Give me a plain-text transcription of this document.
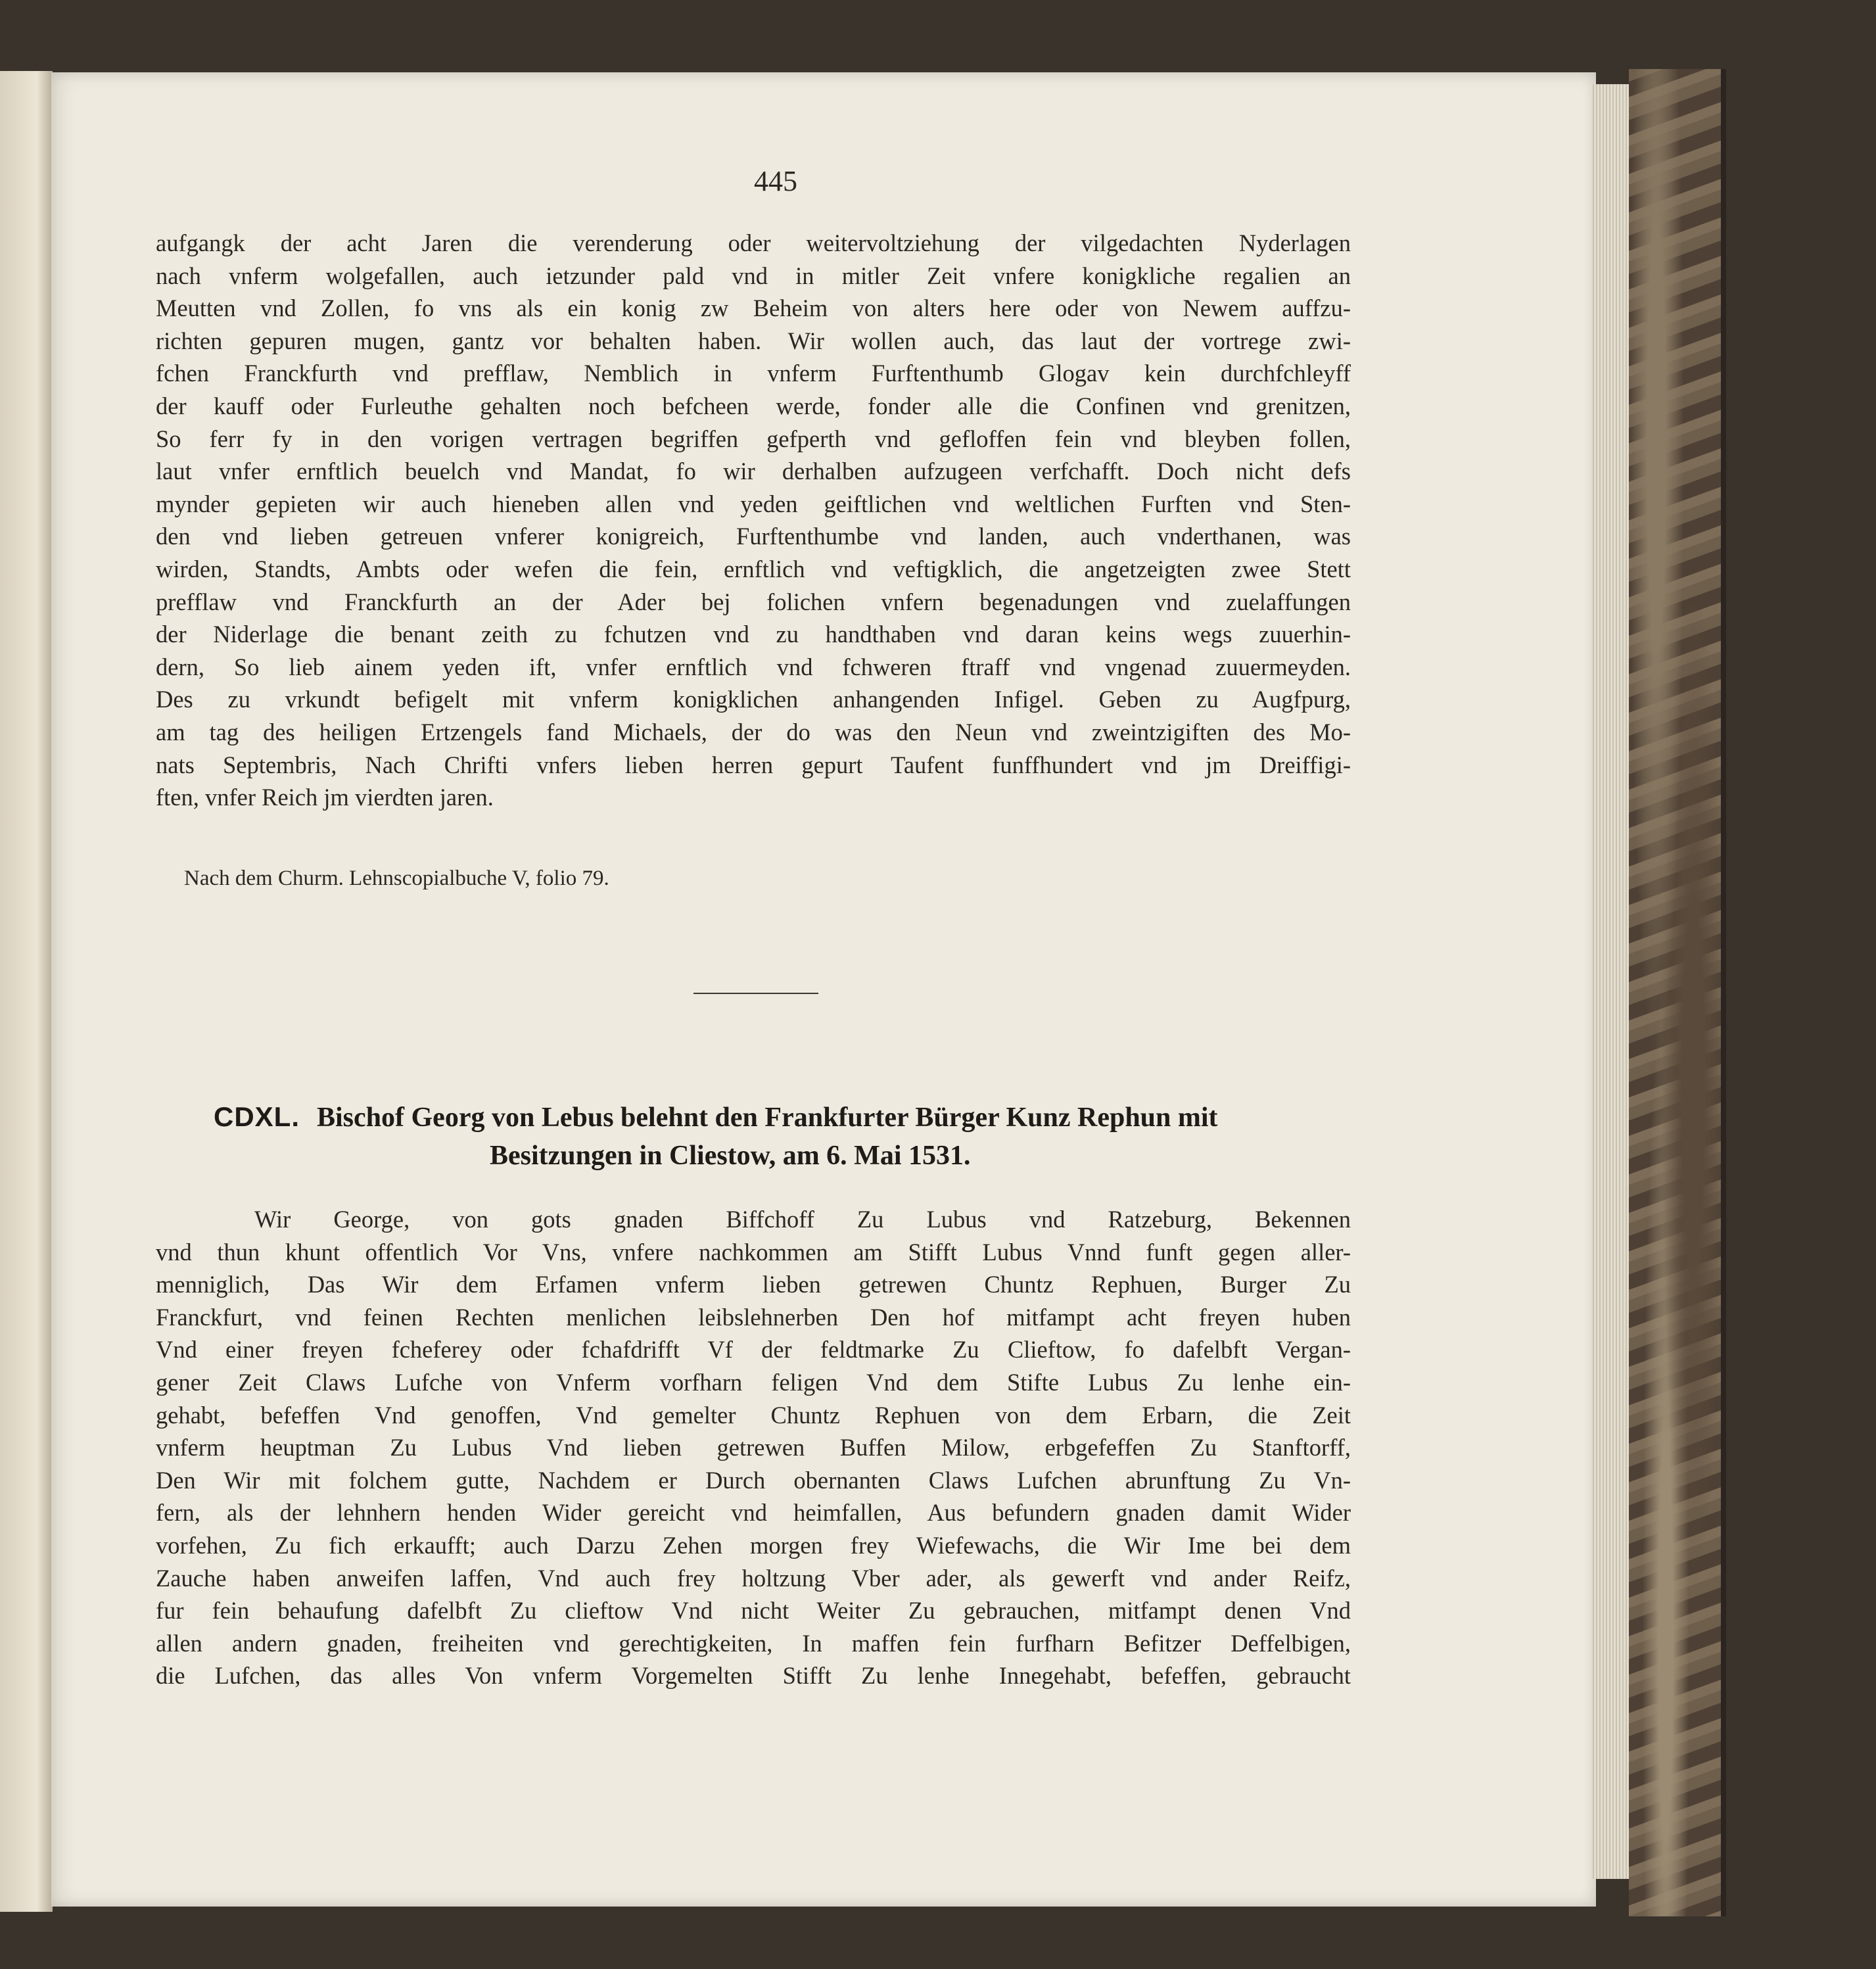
445

aufgangk der acht Jaren die verenderung oder weitervoltziehung der vilgedachten Nyderlagen
nach vnferm wolgefallen, auch ietzunder pald vnd in mitler Zeit vnfere konigkliche regalien an
Meutten vnd Zollen, fo vns als ein konig zw Beheim von alters here oder von Newem auffzu-
richten gepuren mugen, gantz vor behalten haben. Wir wollen auch, das laut der vortrege zwi-
fchen Franckfurth vnd prefflaw, Nemblich in vnferm Furftenthumb Glogav kein durchfchleyff
der kauff oder Furleuthe gehalten noch befcheen werde, fonder alle die Confinen vnd grenitzen,
So ferr fy in den vorigen vertragen begriffen gefperth vnd gefloffen fein vnd bleyben follen,
laut vnfer ernftlich beuelch vnd Mandat, fo wir derhalben aufzugeen verfchafft. Doch nicht defs
mynder gepieten wir auch hieneben allen vnd yeden geiftlichen vnd weltlichen Furften vnd Sten-
den vnd lieben getreuen vnferer konigreich, Furftenthumbe vnd landen, auch vnderthanen, was
wirden, Standts, Ambts oder wefen die fein, ernftlich vnd veftigklich, die angetzeigten zwee Stett
prefflaw vnd Franckfurth an der Ader bej folichen vnfern begenadungen vnd zuelaffungen
der Niderlage die benant zeith zu fchutzen vnd zu handthaben vnd daran keins wegs zuuerhin-
dern, So lieb ainem yeden ift, vnfer ernftlich vnd fchweren ftraff vnd vngenad zuuermeyden.
Des zu vrkundt befigelt mit vnferm konigklichen anhangenden Infigel. Geben zu Augfpurg,
am tag des heiligen Ertzengels fand Michaels, der do was den Neun vnd zweintzigiften des Mo-
nats Septembris, Nach Chrifti vnfers lieben herren gepurt Taufent funffhundert vnd jm Dreiffigi-
ften, vnfer Reich jm vierdten jaren.

Nach dem Churm. Lehnscopialbuche V, folio 79.
CDXL. Bischof Georg von Lebus belehnt den Frankfurter Bürger Kunz Rephun mit
Besitzungen in Cliestow, am 6. Mai 1531.

Wir George, von gots gnaden Biffchoff Zu Lubus vnd Ratzeburg, Bekennen
vnd thun khunt offentlich Vor Vns, vnfere nachkommen am Stifft Lubus Vnnd funft gegen aller-
menniglich, Das Wir dem Erfamen vnferm lieben getrewen Chuntz Rephuen, Burger Zu
Franckfurt, vnd feinen Rechten menlichen leibslehnerben Den hof mitfampt acht freyen huben
Vnd einer freyen fcheferey oder fchafdrifft Vf der feldtmarke Zu Clieftow, fo dafelbft Vergan-
gener Zeit Claws Lufche von Vnferm vorfharn feligen Vnd dem Stifte Lubus Zu lenhe ein-
gehabt, befeffen Vnd genoffen, Vnd gemelter Chuntz Rephuen von dem Erbarn, die Zeit
vnferm heuptman Zu Lubus Vnd lieben getrewen Buffen Milow, erbgefeffen Zu Stanftorff,
Den Wir mit folchem gutte, Nachdem er Durch obernanten Claws Lufchen abrunftung Zu Vn-
fern, als der lehnhern henden Wider gereicht vnd heimfallen, Aus befundern gnaden damit Wider
vorfehen, Zu fich erkaufft; auch Darzu Zehen morgen frey Wiefewachs, die Wir Ime bei dem
Zauche haben anweifen laffen, Vnd auch frey holtzung Vber ader, als gewerft vnd ander Reifz,
fur fein behaufung dafelbft Zu clieftow Vnd nicht Weiter Zu gebrauchen, mitfampt denen Vnd
allen andern gnaden, freiheiten vnd gerechtigkeiten, In maffen fein furfharn Befitzer Deffelbigen,
die Lufchen, das alles Von vnferm Vorgemelten Stifft Zu lenhe Innegehabt, befeffen, gebraucht
